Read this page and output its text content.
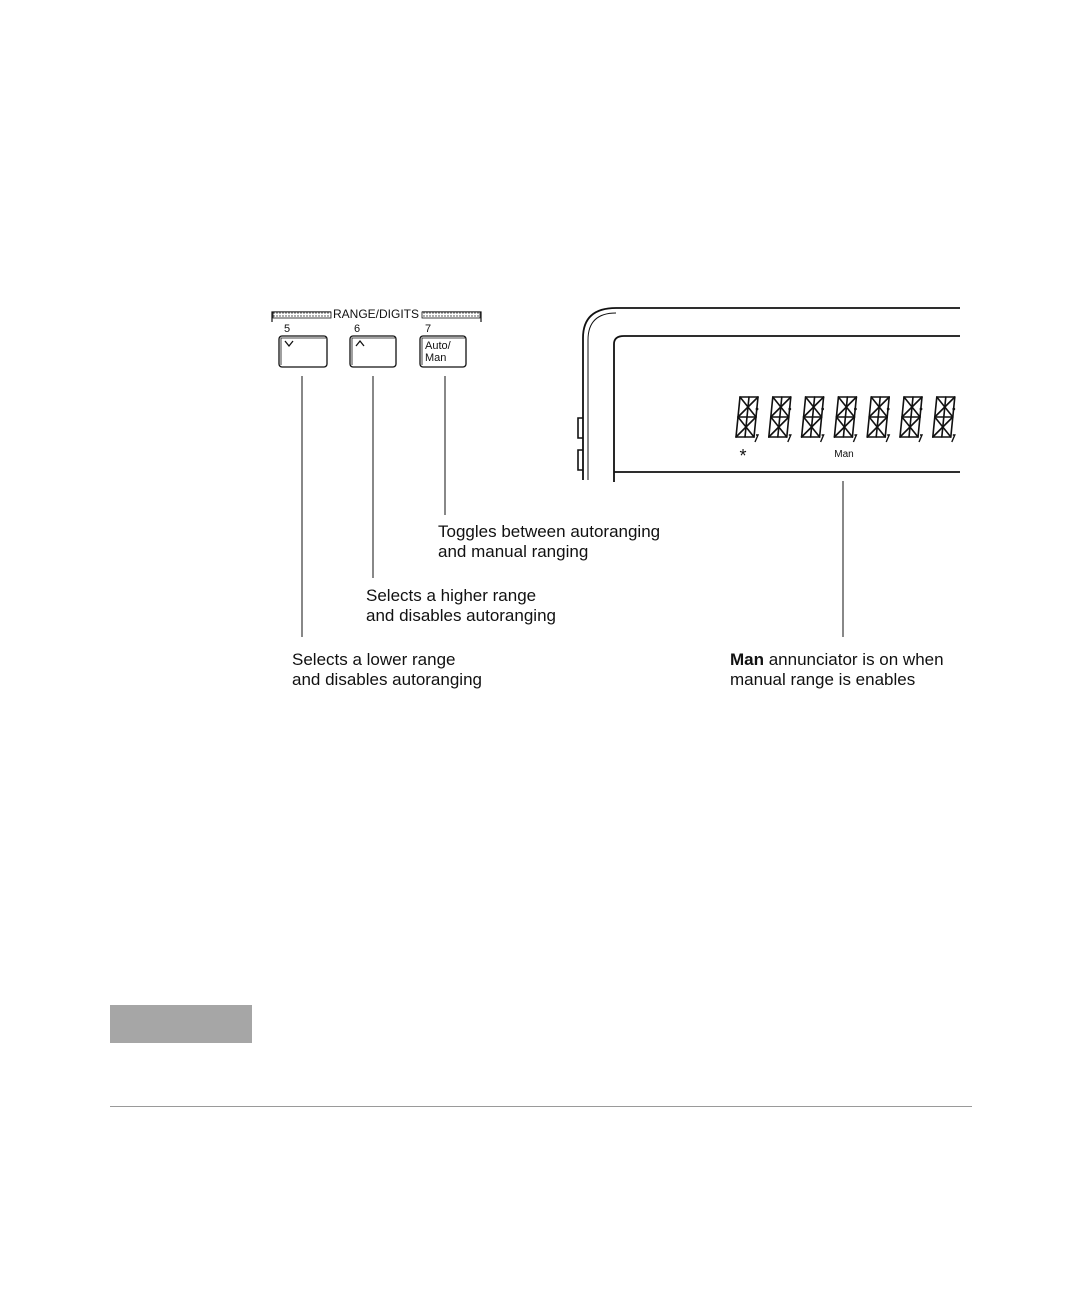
RANGE/DIGITS
5	6	7
Auto/
Man
*	Man
Toggles between autoranging
and manual ranging
Selects a higher range
and disables autoranging
Selects a lower range
and disables autoranging
Man annunciator is on when
manual range is enables
